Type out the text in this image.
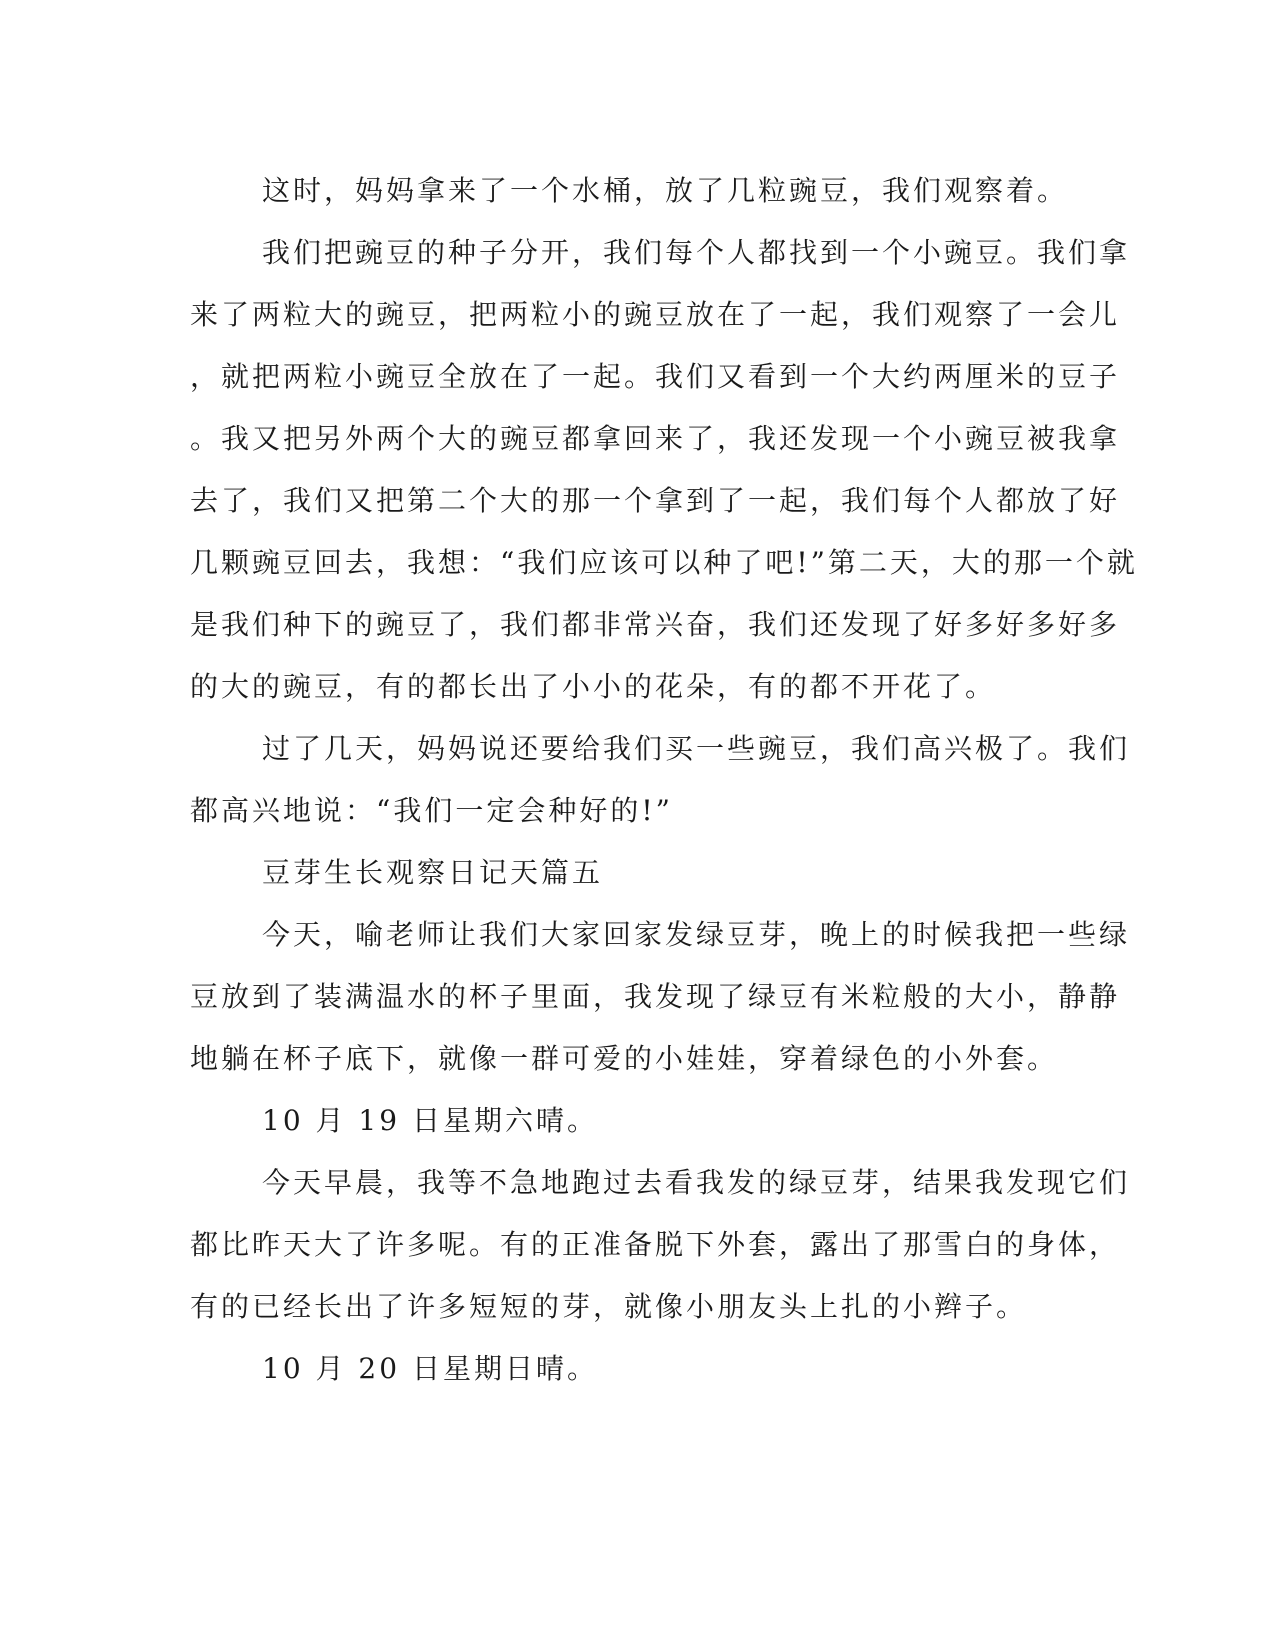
这时，妈妈拿来了一个水桶，放了几粒豌豆，我们观察着。
我们把豌豆的种子分开，我们每个人都找到一个小豌豆。我们拿
来了两粒大的豌豆，把两粒小的豌豆放在了一起，我们观察了一会儿
，就把两粒小豌豆全放在了一起。我们又看到一个大约两厘米的豆子
。我又把另外两个大的豌豆都拿回来了，我还发现一个小豌豆被我拿
去了，我们又把第二个大的那一个拿到了一起，我们每个人都放了好
几颗豌豆回去，我想：“我们应该可以种了吧!”第二天，大的那一个就
是我们种下的豌豆了，我们都非常兴奋，我们还发现了好多好多好多
的大的豌豆，有的都长出了小小的花朵，有的都不开花了。
过了几天，妈妈说还要给我们买一些豌豆，我们高兴极了。我们
都高兴地说：“我们一定会种好的!”
豆芽生长观察日记天篇五
今天，喻老师让我们大家回家发绿豆芽，晚上的时候我把一些绿
豆放到了装满温水的杯子里面，我发现了绿豆有米粒般的大小，静静
地躺在杯子底下，就像一群可爱的小娃娃，穿着绿色的小外套。
10 月 19 日星期六晴。
今天早晨，我等不急地跑过去看我发的绿豆芽，结果我发现它们
都比昨天大了许多呢。有的正准备脱下外套，露出了那雪白的身体，
有的已经长出了许多短短的芽，就像小朋友头上扎的小辫子。
10 月 20 日星期日晴。
